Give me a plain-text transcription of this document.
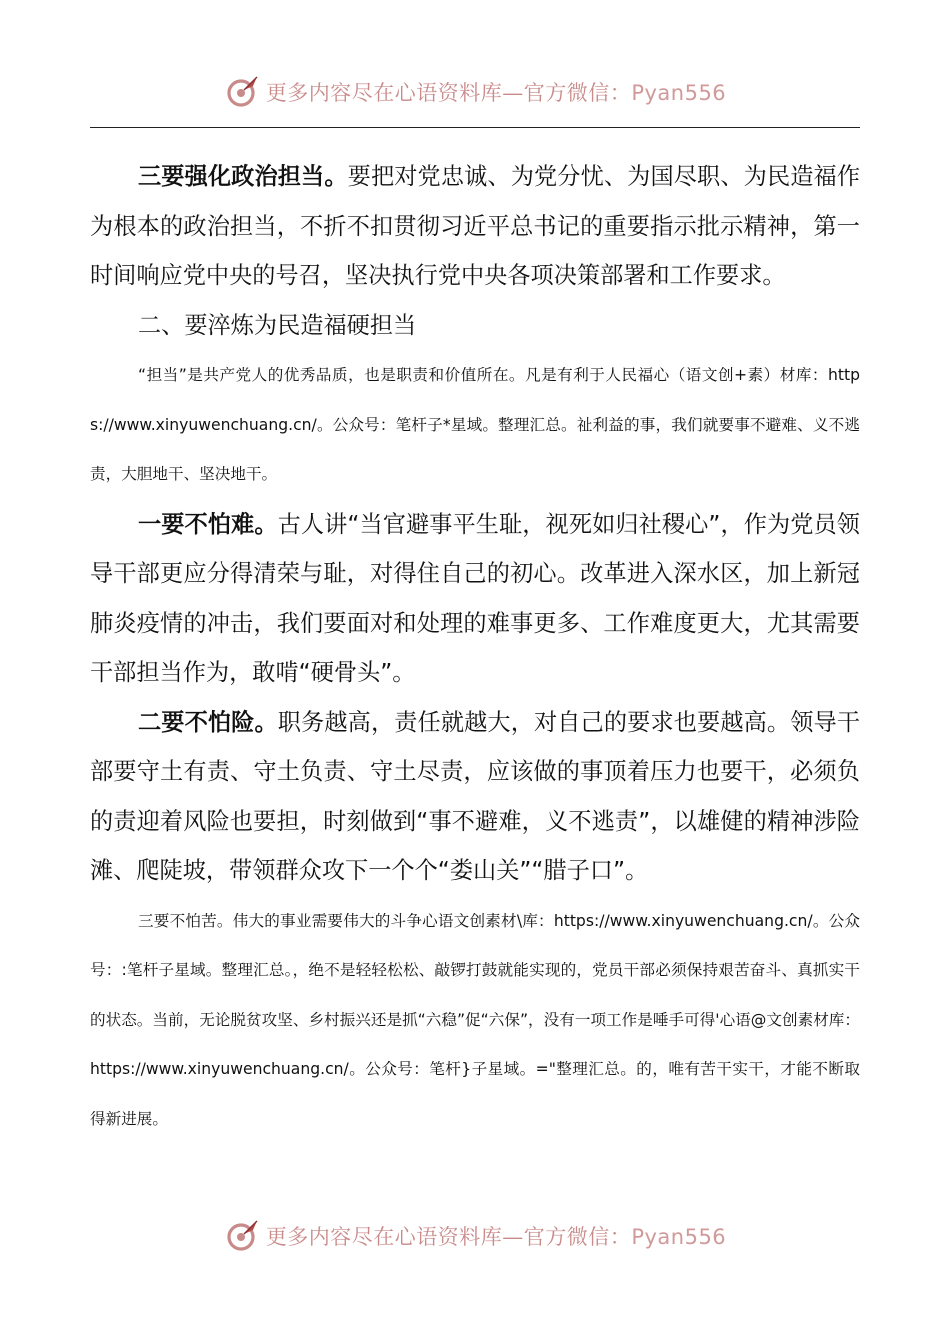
更多内容尽在心语资料库—官方微信：Pyan556

三要强化政治担当。要把对党忠诚、为党分忧、为国尽职、为民造福作为根本的政治担当，不折不扣贯彻习近平总书记的重要指示批示精神，第一时间响应党中央的号召，坚决执行党中央各项决策部署和工作要求。

二、要淬炼为民造福硬担当

“担当”是共产党人的优秀品质，也是职责和价值所在。凡是有利于人民福心（语文创+素）材库：https://www.xinyuwenchuang.cn/。公众号：笔杆子*星域。整理汇总。祉利益的事，我们就要事不避难、义不逃责，大胆地干、坚决地干。

一要不怕难。古人讲“当官避事平生耻，视死如归社稷心”，作为党员领导干部更应分得清荣与耻，对得住自己的初心。改革进入深水区，加上新冠肺炎疫情的冲击，我们要面对和处理的难事更多、工作难度更大，尤其需要干部担当作为，敢啃“硬骨头”。

二要不怕险。职务越高，责任就越大，对自己的要求也要越高。领导干部要守土有责、守土负责、守土尽责，应该做的事顶着压力也要干，必须负的责迎着风险也要担，时刻做到“事不避难，义不逃责”，以雄健的精神涉险滩、爬陡坡，带领群众攻下一个个“娄山关”“腊子口”。

三要不怕苦。伟大的事业需要伟大的斗争心语文创素材\库：https://www.xinyuwenchuang.cn/。公众号：:笔杆子星域。整理汇总。，绝不是轻轻松松、敲锣打鼓就能实现的，党员干部必须保持艰苦奋斗、真抓实干的状态。当前，无论脱贫攻坚、乡村振兴还是抓“六稳”促“六保”，没有一项工作是唾手可得'心语@文创素材库：https://www.xinyuwenchuang.cn/。公众号：笔杆}子星域。="整理汇总。的，唯有苦干实干，才能不断取得新进展。

更多内容尽在心语资料库—官方微信：Pyan556
